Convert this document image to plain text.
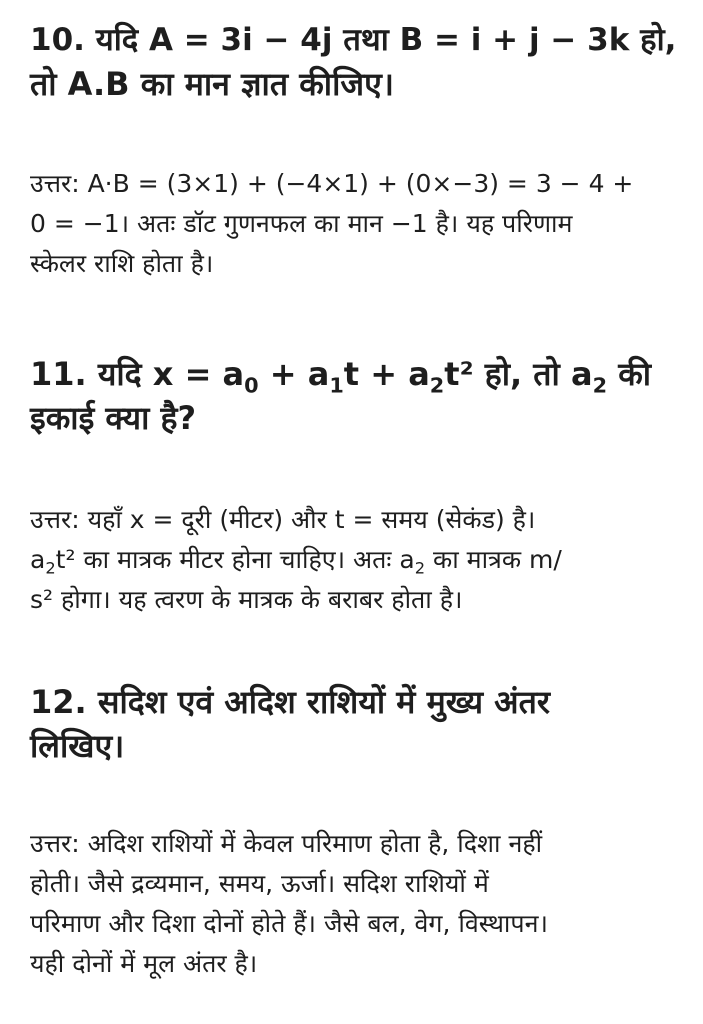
10. यदि A = 3i − 4j तथा B = i + j − 3k हो,

तो A.B का मान ज्ञात कीजिए।

उत्तर: A·B = (3×1) + (−4×1) + (0×−3) = 3 − 4 +

0 = −1। अतः डॉट गुणनफल का मान −1 है। यह परिणाम

स्केलर राशि होता है।

11. यदि $x = a_0 + a_1t + a_2t^2$ हो, तो $a_2$ की

इकाई क्या है?

उत्तर: यहाँ x = दूरी (मीटर) और t = समय (सेकंड) है।

$a_2t^2$ का मात्रक मीटर होना चाहिए। अतः $a_2$ का मात्रक m/

s² होगा। यह त्वरण के मात्रक के बराबर होता है।

12. सदिश एवं अदिश राशियों में मुख्य अंतर

लिखिए।

उत्तर: अदिश राशियों में केवल परिमाण होता है, दिशा नहीं

होती। जैसे द्रव्यमान, समय, ऊर्जा। सदिश राशियों में

परिमाण और दिशा दोनों होते हैं। जैसे बल, वेग, विस्थापन।

यही दोनों में मूल अंतर है।
